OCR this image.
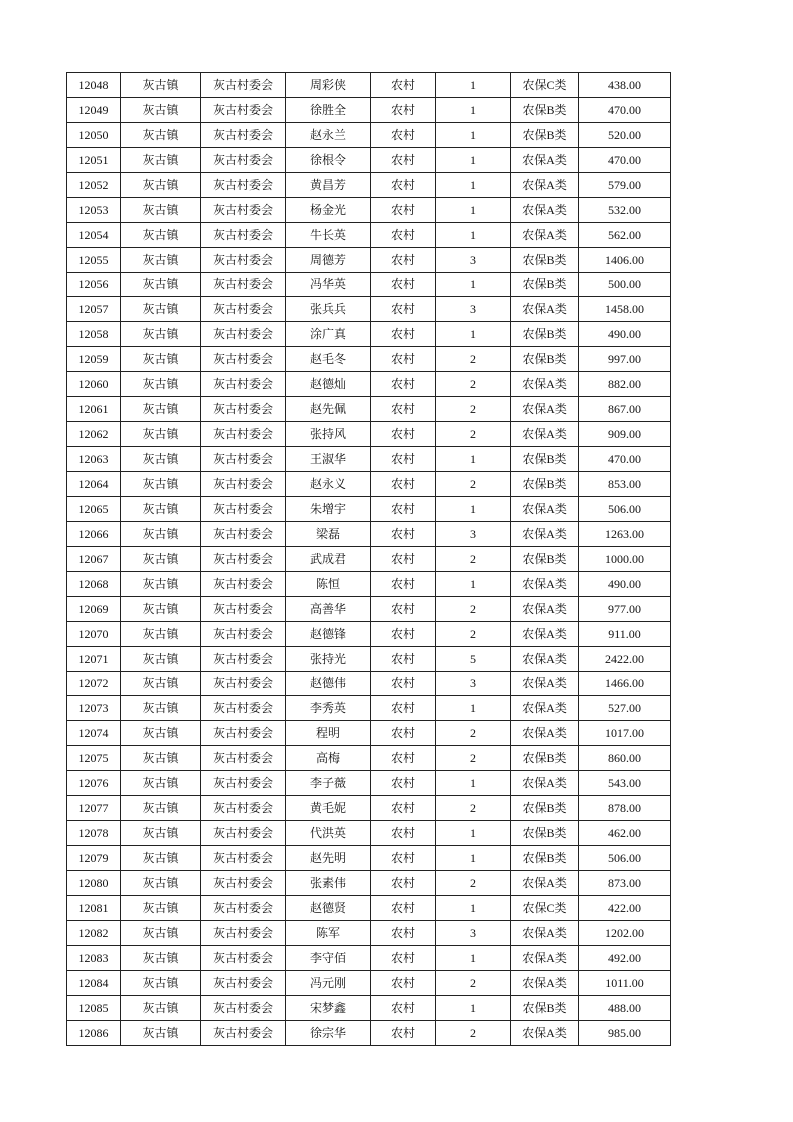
12048	灰古镇	灰古村委会	周彩侠	农村	1	农保C类	438.00
12049	灰古镇	灰古村委会	徐胜全	农村	1	农保B类	470.00
12050	灰古镇	灰古村委会	赵永兰	农村	1	农保B类	520.00
12051	灰古镇	灰古村委会	徐根令	农村	1	农保A类	470.00
12052	灰古镇	灰古村委会	黄昌芳	农村	1	农保A类	579.00
12053	灰古镇	灰古村委会	杨金光	农村	1	农保A类	532.00
12054	灰古镇	灰古村委会	牛长英	农村	1	农保A类	562.00
12055	灰古镇	灰古村委会	周德芳	农村	3	农保B类	1406.00
12056	灰古镇	灰古村委会	冯华英	农村	1	农保B类	500.00
12057	灰古镇	灰古村委会	张兵兵	农村	3	农保A类	1458.00
12058	灰古镇	灰古村委会	涂广真	农村	1	农保B类	490.00
12059	灰古镇	灰古村委会	赵毛冬	农村	2	农保B类	997.00
12060	灰古镇	灰古村委会	赵德灿	农村	2	农保A类	882.00
12061	灰古镇	灰古村委会	赵先佩	农村	2	农保A类	867.00
12062	灰古镇	灰古村委会	张持风	农村	2	农保A类	909.00
12063	灰古镇	灰古村委会	王淑华	农村	1	农保B类	470.00
12064	灰古镇	灰古村委会	赵永义	农村	2	农保B类	853.00
12065	灰古镇	灰古村委会	朱增宇	农村	1	农保A类	506.00
12066	灰古镇	灰古村委会	梁磊	农村	3	农保A类	1263.00
12067	灰古镇	灰古村委会	武成君	农村	2	农保B类	1000.00
12068	灰古镇	灰古村委会	陈恒	农村	1	农保A类	490.00
12069	灰古镇	灰古村委会	高善华	农村	2	农保A类	977.00
12070	灰古镇	灰古村委会	赵德锋	农村	2	农保A类	911.00
12071	灰古镇	灰古村委会	张持光	农村	5	农保A类	2422.00
12072	灰古镇	灰古村委会	赵德伟	农村	3	农保A类	1466.00
12073	灰古镇	灰古村委会	李秀英	农村	1	农保A类	527.00
12074	灰古镇	灰古村委会	程明	农村	2	农保A类	1017.00
12075	灰古镇	灰古村委会	高梅	农村	2	农保B类	860.00
12076	灰古镇	灰古村委会	李子薇	农村	1	农保A类	543.00
12077	灰古镇	灰古村委会	黄毛妮	农村	2	农保B类	878.00
12078	灰古镇	灰古村委会	代洪英	农村	1	农保B类	462.00
12079	灰古镇	灰古村委会	赵先明	农村	1	农保B类	506.00
12080	灰古镇	灰古村委会	张素伟	农村	2	农保A类	873.00
12081	灰古镇	灰古村委会	赵德贤	农村	1	农保C类	422.00
12082	灰古镇	灰古村委会	陈军	农村	3	农保A类	1202.00
12083	灰古镇	灰古村委会	李守佰	农村	1	农保A类	492.00
12084	灰古镇	灰古村委会	冯元刚	农村	2	农保A类	1011.00
12085	灰古镇	灰古村委会	宋梦鑫	农村	1	农保B类	488.00
12086	灰古镇	灰古村委会	徐宗华	农村	2	农保A类	985.00
